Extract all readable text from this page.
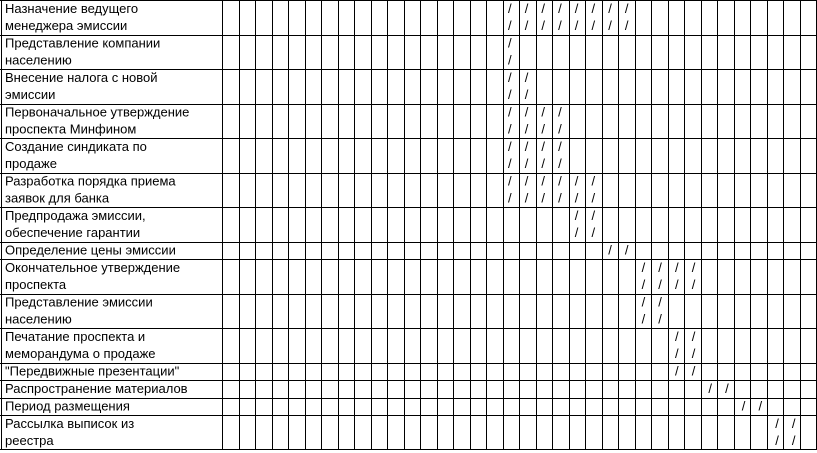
Назначение ведущего
менеджера эмиссии
Представление компании
населению
Внесение налога с новой
эмиссии
Первоначальное утверждение
проспекта Минфином
Создание синдиката по
продаже
Разработка порядка приема
заявок для банка
Предпродажа эмиссии,
обеспечение гарантии
Определение цены эмиссии
Окончательное утверждение
проспекта
Представление эмиссии
населению
Печатание проспекта и
меморандума о продаже
"Передвижные презентации"
Распространение материалов
Период размещения
Рассылка выписок из
реестра
/ / / / / / / /
/ / / / / / / /
/
/
/ /
/ /
/ / / /
/ / / /
/ / / /
/ / / /
/ / / / / /
/ / / / / /
/ /
/ /
/ /
/ / / /
/ / / /
/ /
/ /
/ /
/ /
/ /
/ /
/ /
/ /
/ /
